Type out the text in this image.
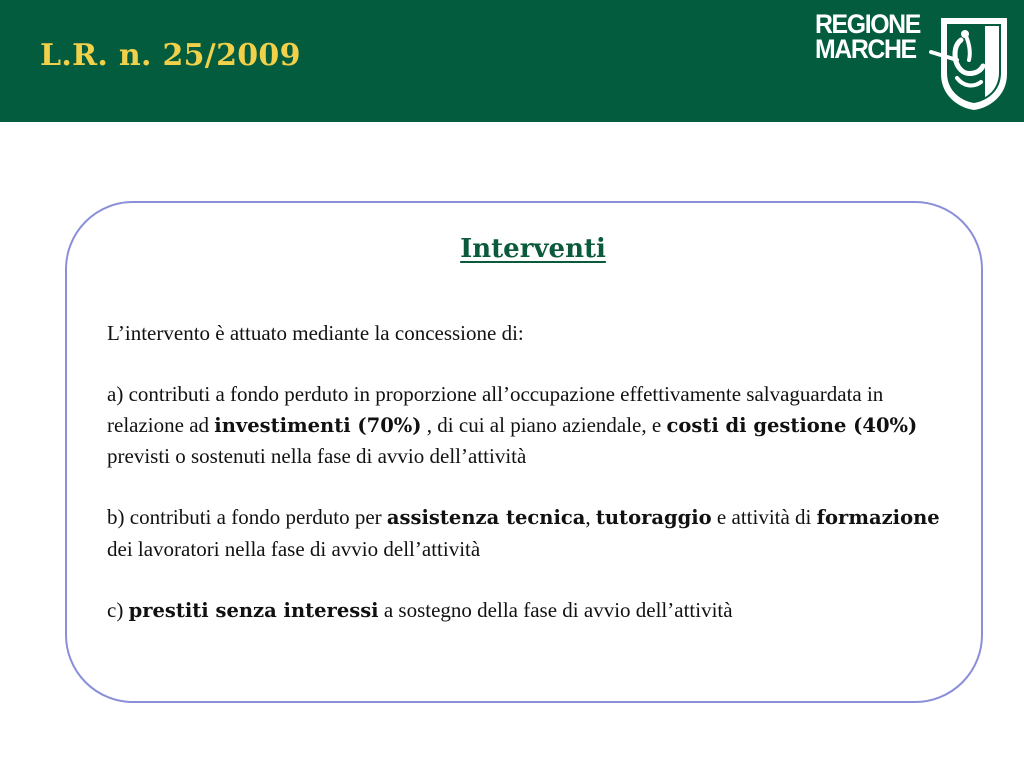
L.R. n. 25/2009
REGIONE
MARCHE
Interventi

L’intervento è attuato mediante la concessione di:

a) contributi a fondo perduto in proporzione all’occupazione effettivamente salvaguardata in relazione ad investimenti (70%) , di cui al piano aziendale, e costi di gestione (40%) previsti o sostenuti nella fase di avvio dell’attività

b) contributi a fondo perduto per assistenza tecnica, tutoraggio e attività di formazione dei lavoratori nella fase di avvio dell’attività

c) prestiti senza interessi a sostegno della fase di avvio dell’attività
